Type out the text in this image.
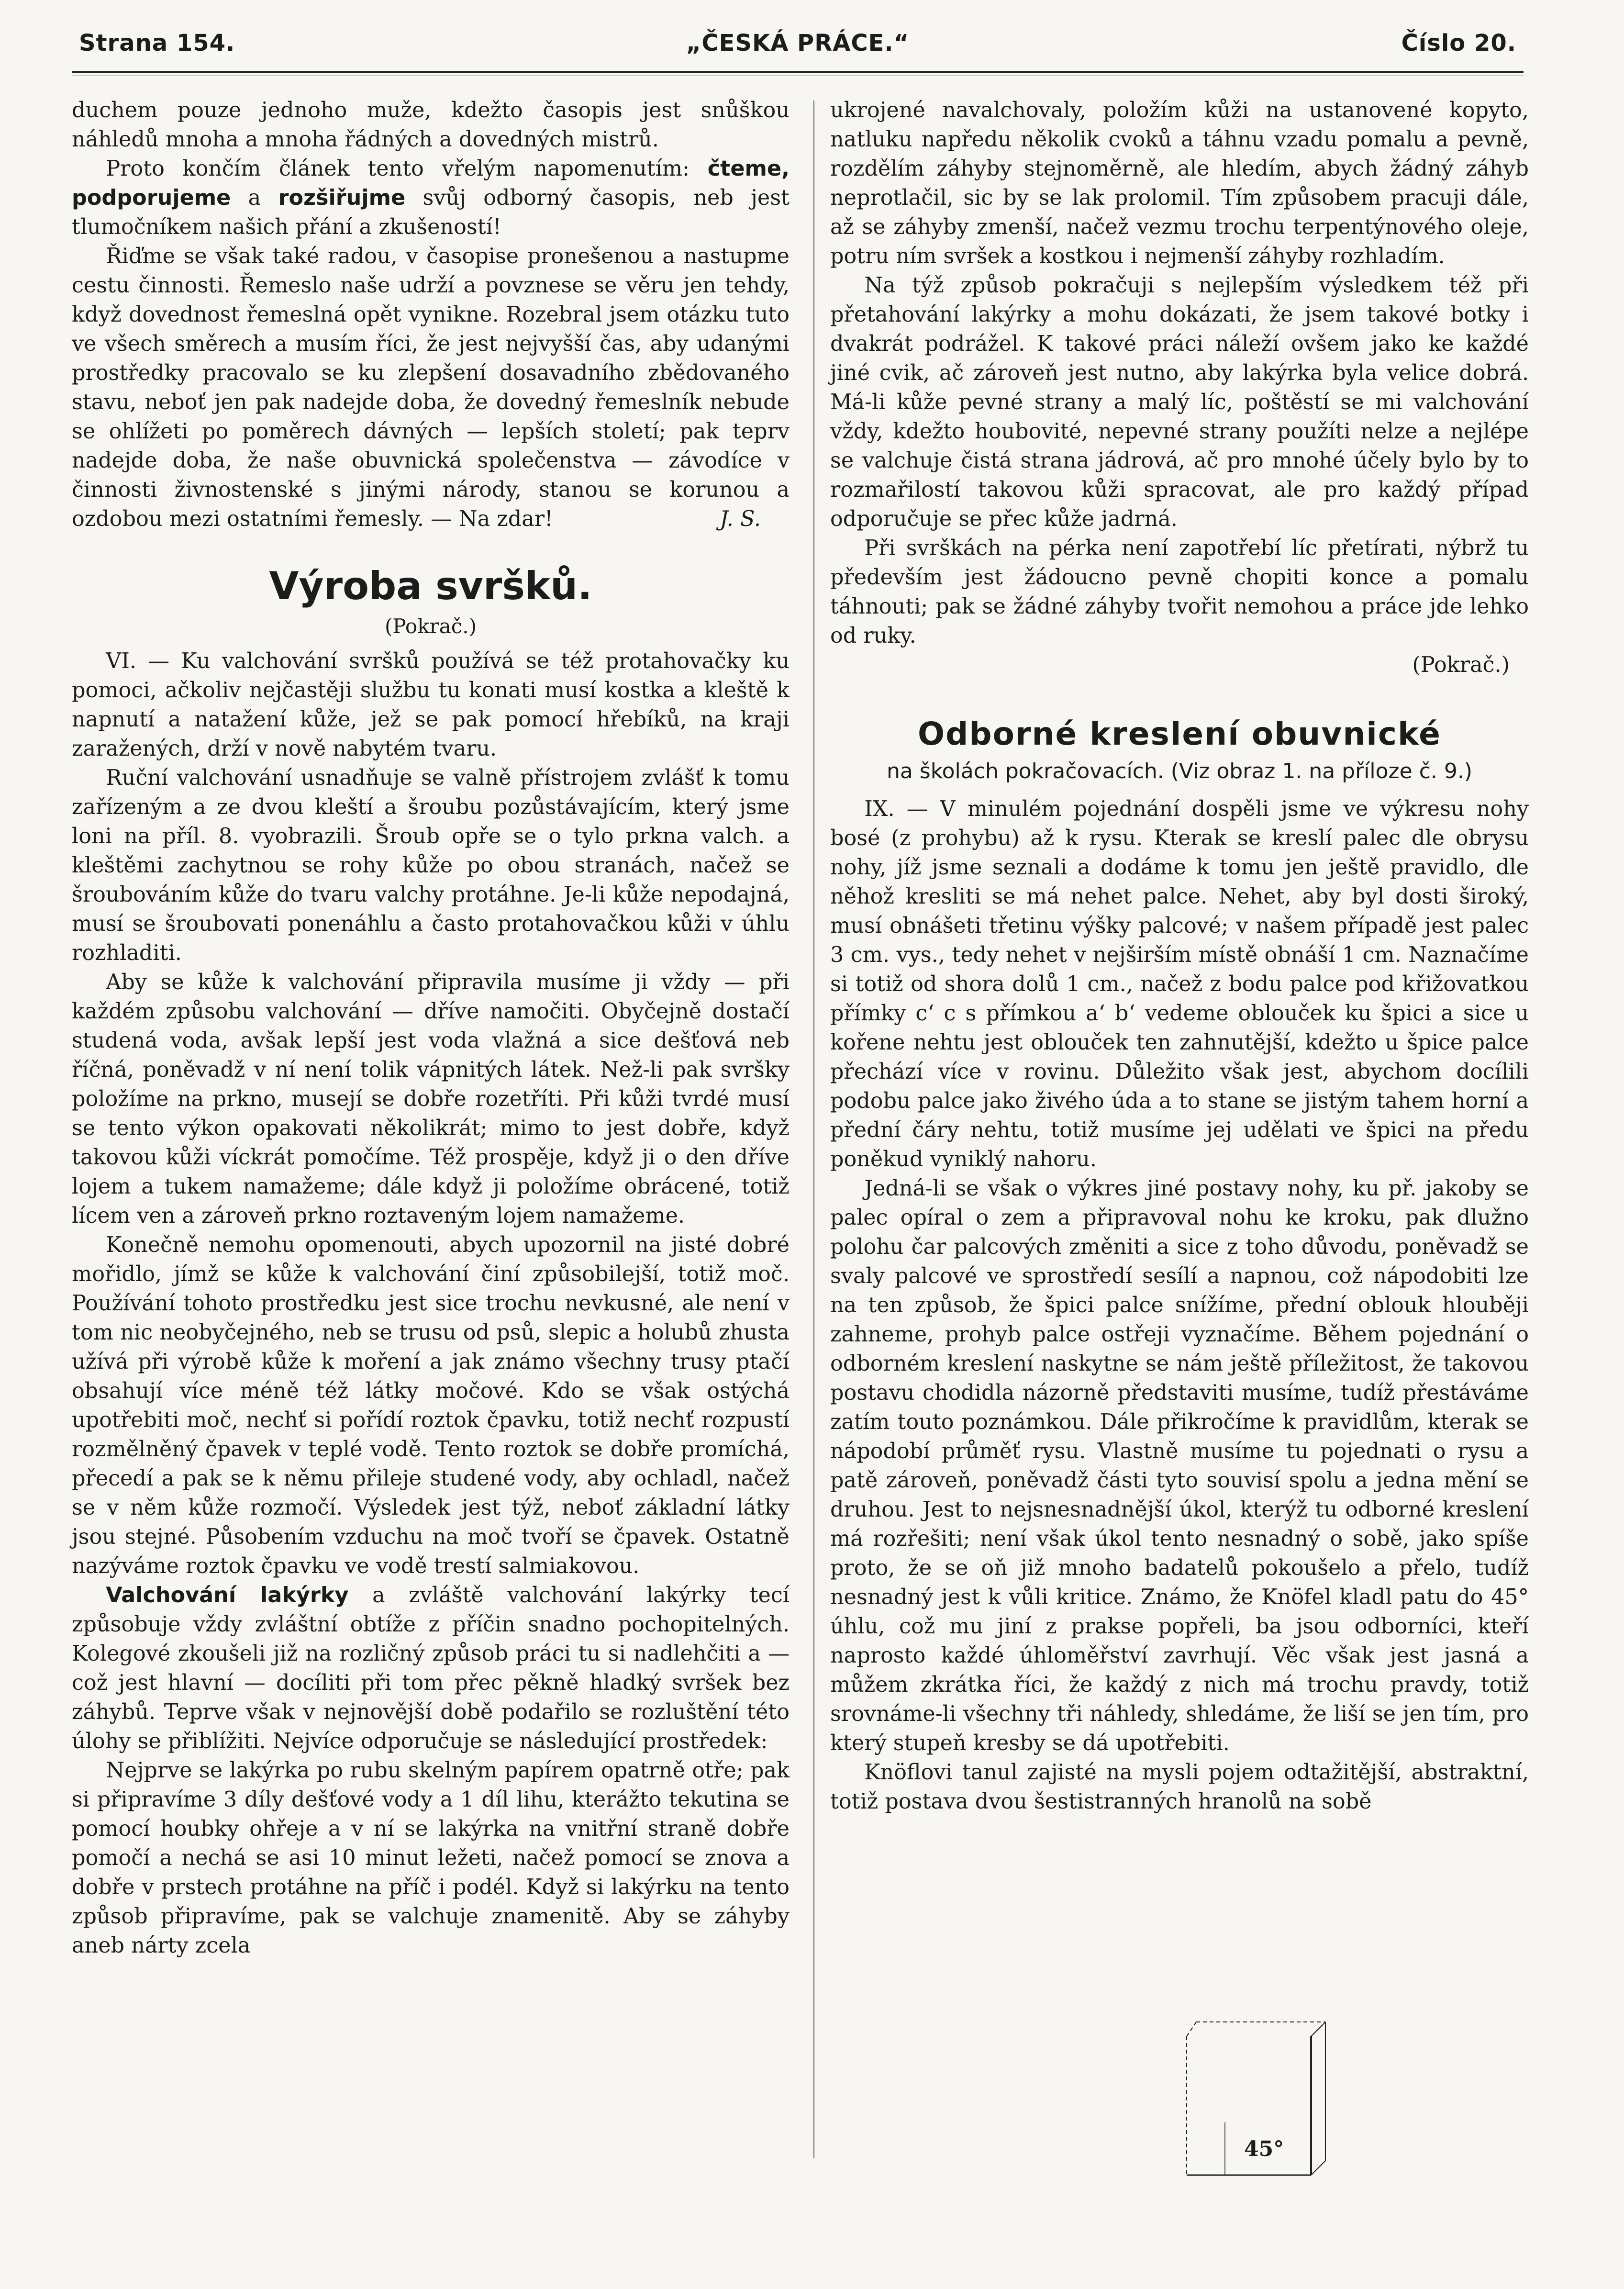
Strana 154.	„ČESKÁ PRÁCE.“	Číslo 20.

duchem pouze jednoho muže, kdežto časopis jest snůškou náhledů mnoha a mnoha řádných a dovedných mistrů.

Proto končím článek tento vřelým napomenutím: čteme, podporujeme a rozšiřujme svůj odborný časopis, neb jest tlumočníkem našich přání a zkušeností!

Řiďme se však také radou, v časopise pronešenou a nastupme cestu činnosti. Řemeslo naše udrží a povznese se věru jen tehdy, když dovednost řemeslná opět vynikne. Rozebral jsem otázku tuto ve všech směrech a musím říci, že jest nejvyšší čas, aby udanými prostředky pracovalo se ku zlepšení dosavadního zbědovaného stavu, neboť jen pak nadejde doba, že dovedný řemeslník nebude se ohlížeti po poměrech dávných — lepších století; pak teprv nadejde doba, že naše obuvnická společenstva — závodíce v činnosti živnostenské s jinými národy, stanou se korunou a ozdobou mezi ostatními řemesly. — Na zdar!	J. S.

Výroba svršků.
(Pokrač.)

VI. — Ku valchování svršků používá se též protahovačky ku pomoci, ačkoliv nejčastěji službu tu konati musí kostka a kleště k napnutí a natažení kůže, jež se pak pomocí hřebíků, na kraji zaražených, drží v nově nabytém tvaru.

Ruční valchování usnadňuje se valně přístrojem zvlášť k tomu zařízeným a ze dvou kleští a šroubu pozůstávajícím, který jsme loni na příl. 8. vyobrazili. Šroub opře se o tylo prkna valch. a kleštěmi zachytnou se rohy kůže po obou stranách, načež se šroubováním kůže do tvaru valchy protáhne. Je-li kůže nepodajná, musí se šroubovati ponenáhlu a často protahovačkou kůži v úhlu rozhladiti.

Aby se kůže k valchování připravila musíme ji vždy — při každém způsobu valchování — dříve namočiti. Obyčejně dostačí studená voda, avšak lepší jest voda vlažná a sice dešťová neb říčná, poněvadž v ní není tolik vápnitých látek. Než-li pak svršky položíme na prkno, musejí se dobře rozetříti. Při kůži tvrdé musí se tento výkon opakovati několikrát; mimo to jest dobře, když takovou kůži víckrát pomočíme. Též prospěje, když ji o den dříve lojem a tukem namažeme; dále když ji položíme obrácené, totiž lícem ven a zároveň prkno roztaveným lojem namažeme.

Konečně nemohu opomenouti, abych upozornil na jisté dobré mořidlo, jímž se kůže k valchování činí způsobilejší, totiž moč. Používání tohoto prostředku jest sice trochu nevkusné, ale není v tom nic neobyčejného, neb se trusu od psů, slepic a holubů zhusta užívá při výrobě kůže k moření a jak známo všechny trusy ptačí obsahují více méně též látky močové. Kdo se však ostýchá upotřebiti moč, nechť si pořídí roztok čpavku, totiž nechť rozpustí rozmělněný čpavek v teplé vodě. Tento roztok se dobře promíchá, přecedí a pak se k němu přileje studené vody, aby ochladl, načež se v něm kůže rozmočí. Výsledek jest týž, neboť základní látky jsou stejné. Působením vzduchu na moč tvoří se čpavek. Ostatně nazýváme roztok čpavku ve vodě trestí salmiakovou.

Valchování lakýrky a zvláště valchování lakýrky tecí způsobuje vždy zvláštní obtíže z příčin snadno pochopitelných. Kolegové zkoušeli již na rozličný způsob práci tu si nadlehčiti a — což jest hlavní — docíliti při tom přec pěkně hladký svršek bez záhybů. Teprve však v nejnovější době podařilo se rozluštění této úlohy se přiblížiti. Nejvíce odporučuje se následující prostředek:

Nejprve se lakýrka po rubu skelným papírem opatrně otře; pak si připravíme 3 díly dešťové vody a 1 díl lihu, kterážto tekutina se pomocí houbky ohřeje a v ní se lakýrka na vnitřní straně dobře pomočí a nechá se asi 10 minut ležeti, načež pomocí se znova a dobře v prstech protáhne na příč i podél. Když si lakýrku na tento způsob připravíme, pak se valchuje znamenitě. Aby se záhyby aneb nárty zcela

ukrojené navalchovaly, položím kůži na ustanovené kopyto, natluku napředu několik cvoků a táhnu vzadu pomalu a pevně, rozdělím záhyby stejnoměrně, ale hledím, abych žádný záhyb neprotlačil, sic by se lak prolomil. Tím způsobem pracuji dále, až se záhyby zmenší, načež vezmu trochu terpentýnového oleje, potru ním svršek a kostkou i nejmenší záhyby rozhladím.

Na týž způsob pokračuji s nejlepším výsledkem též při přetahování lakýrky a mohu dokázati, že jsem takové botky i dvakrát podrážel. K takové práci náleží ovšem jako ke každé jiné cvik, ač zároveň jest nutno, aby lakýrka byla velice dobrá. Má-li kůže pevné strany a malý líc, poštěstí se mi valchování vždy, kdežto houbovité, nepevné strany použíti nelze a nejlépe se valchuje čistá strana jádrová, ač pro mnohé účely bylo by to rozmařilostí takovou kůži spracovat, ale pro každý případ odporučuje se přec kůže jadrná.

Při svrškách na pérka není zapotřebí líc přetírati, nýbrž tu především jest žádoucno pevně chopiti konce a pomalu táhnouti; pak se žádné záhyby tvořit nemohou a práce jde lehko od ruky.

(Pokrač.)
Odborné kreslení obuvnické
na školách pokračovacích. (Viz obraz 1. na příloze č. 9.)

IX. — V minulém pojednání dospěli jsme ve výkresu nohy bosé (z prohybu) až k rysu. Kterak se kreslí palec dle obrysu nohy, jíž jsme seznali a dodáme k tomu jen ještě pravidlo, dle něhož kresliti se má nehet palce. Nehet, aby byl dosti široký, musí obnášeti třetinu výšky palcové; v našem případě jest palec 3 cm. vys., tedy nehet v nejširším místě obnáší 1 cm. Naznačíme si totiž od shora dolů 1 cm., načež z bodu palce pod křižovatkou přímky c‘ c s přímkou a‘ b‘ vedeme oblouček ku špici a sice u kořene nehtu jest oblouček ten zahnutější, kdežto u špice palce přechází více v rovinu. Důležito však jest, abychom docílili podobu palce jako živého úda a to stane se jistým tahem horní a přední čáry nehtu, totiž musíme jej udělati ve špici na předu poněkud vyniklý nahoru.

Jedná-li se však o výkres jiné postavy nohy, ku př. jakoby se palec opíral o zem a připravoval nohu ke kroku, pak dlužno polohu čar palcových změniti a sice z toho důvodu, poněvadž se svaly palcové ve sprostředí sesílí a napnou, což nápodobiti lze na ten způsob, že špici palce snížíme, přední oblouk hlouběji zahneme, prohyb palce ostřeji vyznačíme. Během pojednání o odborném kreslení naskytne se nám ještě příležitost, že takovou postavu chodidla názorně představiti musíme, tudíž přestáváme zatím touto poznámkou. Dále přikročíme k pravidlům, kterak se nápodobí průměť rysu. Vlastně musíme tu pojednati o rysu a patě zároveň, poněvadž části tyto souvisí spolu a jedna mění se druhou. Jest to nejsnesnadnější úkol, kterýž tu odborné kreslení má rozřešiti; není však úkol tento nesnadný o sobě, jako spíše proto, že se oň již mnoho badatelů pokoušelo a přelo, tudíž nesnadný jest k vůli kritice. Známo, že Knöfel kladl patu do 45° úhlu, což mu jiní z prakse popřeli, ba jsou odborníci, kteří naprosto každé úhloměřství zavrhují. Věc však jest jasná a můžem zkrátka říci, že každý z nich má trochu pravdy, totiž srovnáme-li všechny tři náhledy, shledáme, že liší se jen tím, pro který stupeň kresby se dá upotřebiti.

Knöflovi tanul zajisté na mysli pojem odtažitější, abstraktní, totiž postava dvou šestistranných hranolů na sobě

45°
